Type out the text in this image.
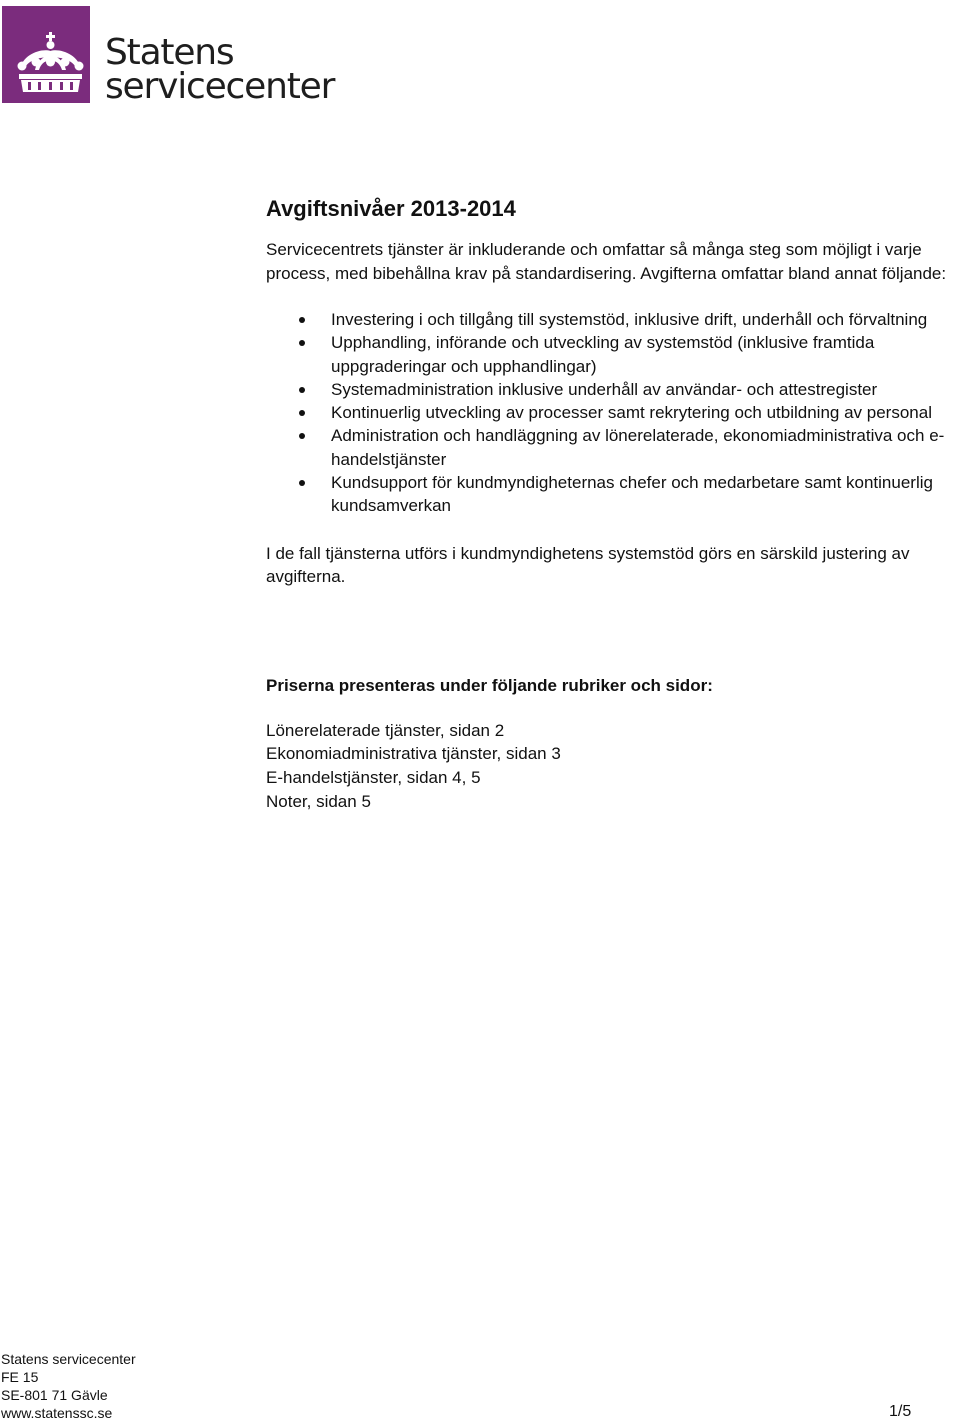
Statens
servicecenter
Avgiftsnivåer 2013-2014

Servicecentrets tjänster är inkluderande och omfattar så många steg som möjligt i varje process, med bibehållna krav på standardisering. Avgifterna omfattar bland annat följande:

Investering i och tillgång till systemstöd, inklusive drift, underhåll och förvaltning
Upphandling, införande och utveckling av systemstöd (inklusive framtida uppgraderingar och upphandlingar)
Systemadministration inklusive underhåll av användar- och attestregister
Kontinuerlig utveckling av processer samt rekrytering och utbildning av personal
Administration och handläggning av lönerelaterade, ekonomiadministrativa och e-handelstjänster
Kundsupport för kundmyndigheternas chefer och medarbetare samt kontinuerlig kundsamverkan

I de fall tjänsterna utförs i kundmyndighetens systemstöd görs en särskild justering av avgifterna.

Priserna presenteras under följande rubriker och sidor:
Lönerelaterade tjänster, sidan 2
Ekonomiadministrativa tjänster, sidan 3
E-handelstjänster, sidan 4, 5
Noter, sidan 5
Statens servicecenter
FE 15
SE-801 71 Gävle
www.statenssc.se	1/5
